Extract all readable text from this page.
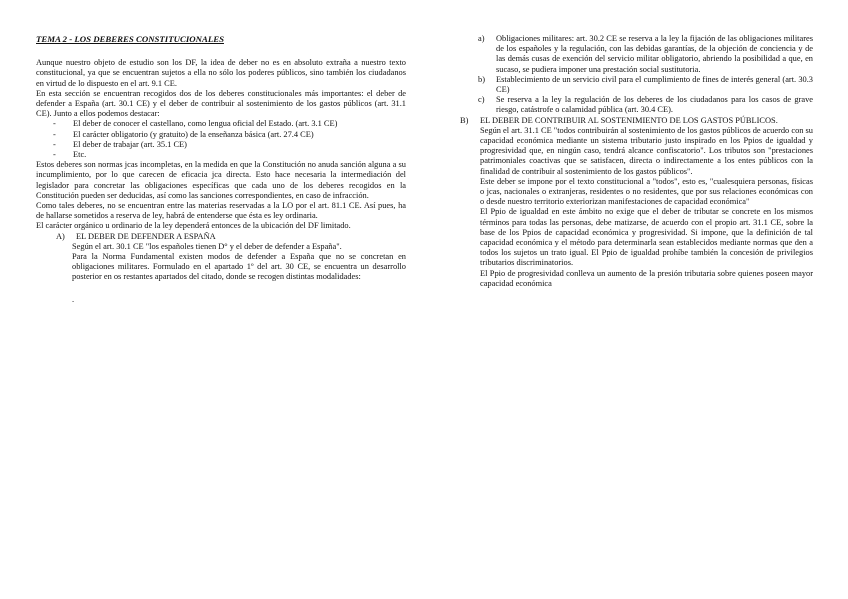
TEMA 2 - LOS DEBERES CONSTITUCIONALES

Aunque nuestro objeto de estudio son los DF, la idea de deber no es en absoluto extraña a nuestro texto constitucional, ya que se encuentran sujetos a ella no sólo los poderes públicos, sino también los ciudadanos en virtud de lo dispuesto en el art. 9.1 CE.

En esta sección se encuentran recogidos dos de los deberes constitucionales más importantes: el deber de defender a España (art. 30.1 CE) y el deber de contribuir al sostenimiento de los gastos públicos (art. 31.1 CE). Junto a ellos podemos destacar:

- El deber de conocer el castellano, como lengua oficial del Estado. (art. 3.1 CE)
- El carácter obligatorio (y gratuito) de la enseñanza básica (art. 27.4 CE)
- El deber de trabajar (art. 35.1 CE)
- Etc.

Estos deberes son normas jcas incompletas, en la medida en que la Constitución no anuda sanción alguna a su incumplimiento, por lo que carecen de eficacia jca directa. Esto hace necesaria la intermediación del legislador para concretar las obligaciones específicas que cada uno de los deberes recogidos en la Constitución pueden ser deducidas, así como las sanciones correspondientes, en caso de infracción.

Como tales deberes, no se encuentran entre las materias reservadas a la LO por el art. 81.1 CE. Así pues, ha de hallarse sometidos a reserva de ley, habrá de entenderse que ésta es ley ordinaria.

El carácter orgánico u ordinario de la ley dependerá entonces de la ubicación del DF limitado.

A)	EL DEBER DE DEFENDER A ESPAÑA

Según el art. 30.1 CE "los españoles tienen D° y el deber de defender a España".

Para la Norma Fundamental existen modos de defender a España que no se concretan en obligaciones militares. Formulado en el apartado 1º del art. 30 CE, se encuentra un desarrollo posterior en os restantes apartados del citado, donde se recogen distintas modalidades:

.

a) Obligaciones militares: art. 30.2 CE se reserva a la ley la fijación de las obligaciones militares de los españoles y la regulación, con las debidas garantías, de la objeción de conciencia y de las demás cusas de exención del servicio militar obligatorio, abriendo la posibilidad a que, en sucaso, se pudiera imponer una prestación social sustitutoria.
b) Establecimiento de un servicio civil para el cumplimiento de fines de interés general (art. 30.3 CE)
c) Se reserva a la ley la regulación de los deberes de los ciudadanos para los casos de grave riesgo, catástrofe o calamidad pública (art. 30.4 CE).
B)	EL DEBER DE CONTRIBUIR AL SOSTENIMIENTO DE LOS GASTOS PÚBLICOS.

Según el art. 31.1 CE "todos contribuirán al sostenimiento de los gastos públicos de acuerdo con su capacidad económica mediante un sistema tributario justo inspirado en los Ppios de igualdad y progresividad que, en ningún caso, tendrá alcance confiscatorio". Los tributos son "prestaciones patrimoniales coactivas que se satisfacen, directa o indirectamente a los entes públicos con la finalidad de contribuir al sostenimiento de los gastos públicos".

Este deber se impone por el texto constitucional a "todos", esto es, "cualesquiera personas, físicas o jcas, nacionales o extranjeras, residentes o no residentes, que por sus relaciones económicas con o desde nuestro territorio exteriorizan manifestaciones de capacidad económica"

El Ppio de igualdad en este ámbito no exige que el deber de tributar se concrete en los mismos términos para todas las personas, debe matizarse, de acuerdo con el propio art. 31.1 CE, sobre la base de los Ppios de capacidad económica y progresividad. Si impone, que la definición de tal capacidad económica y el método para determinarla sean establecidos mediante normas que den a todos los sujetos un trato igual. El Ppio de igualdad prohíbe también la concesión de privilegios tributarios discriminatorios.

El Ppio de progresividad conlleva un aumento de la presión tributaria sobre quienes poseen mayor capacidad económica
